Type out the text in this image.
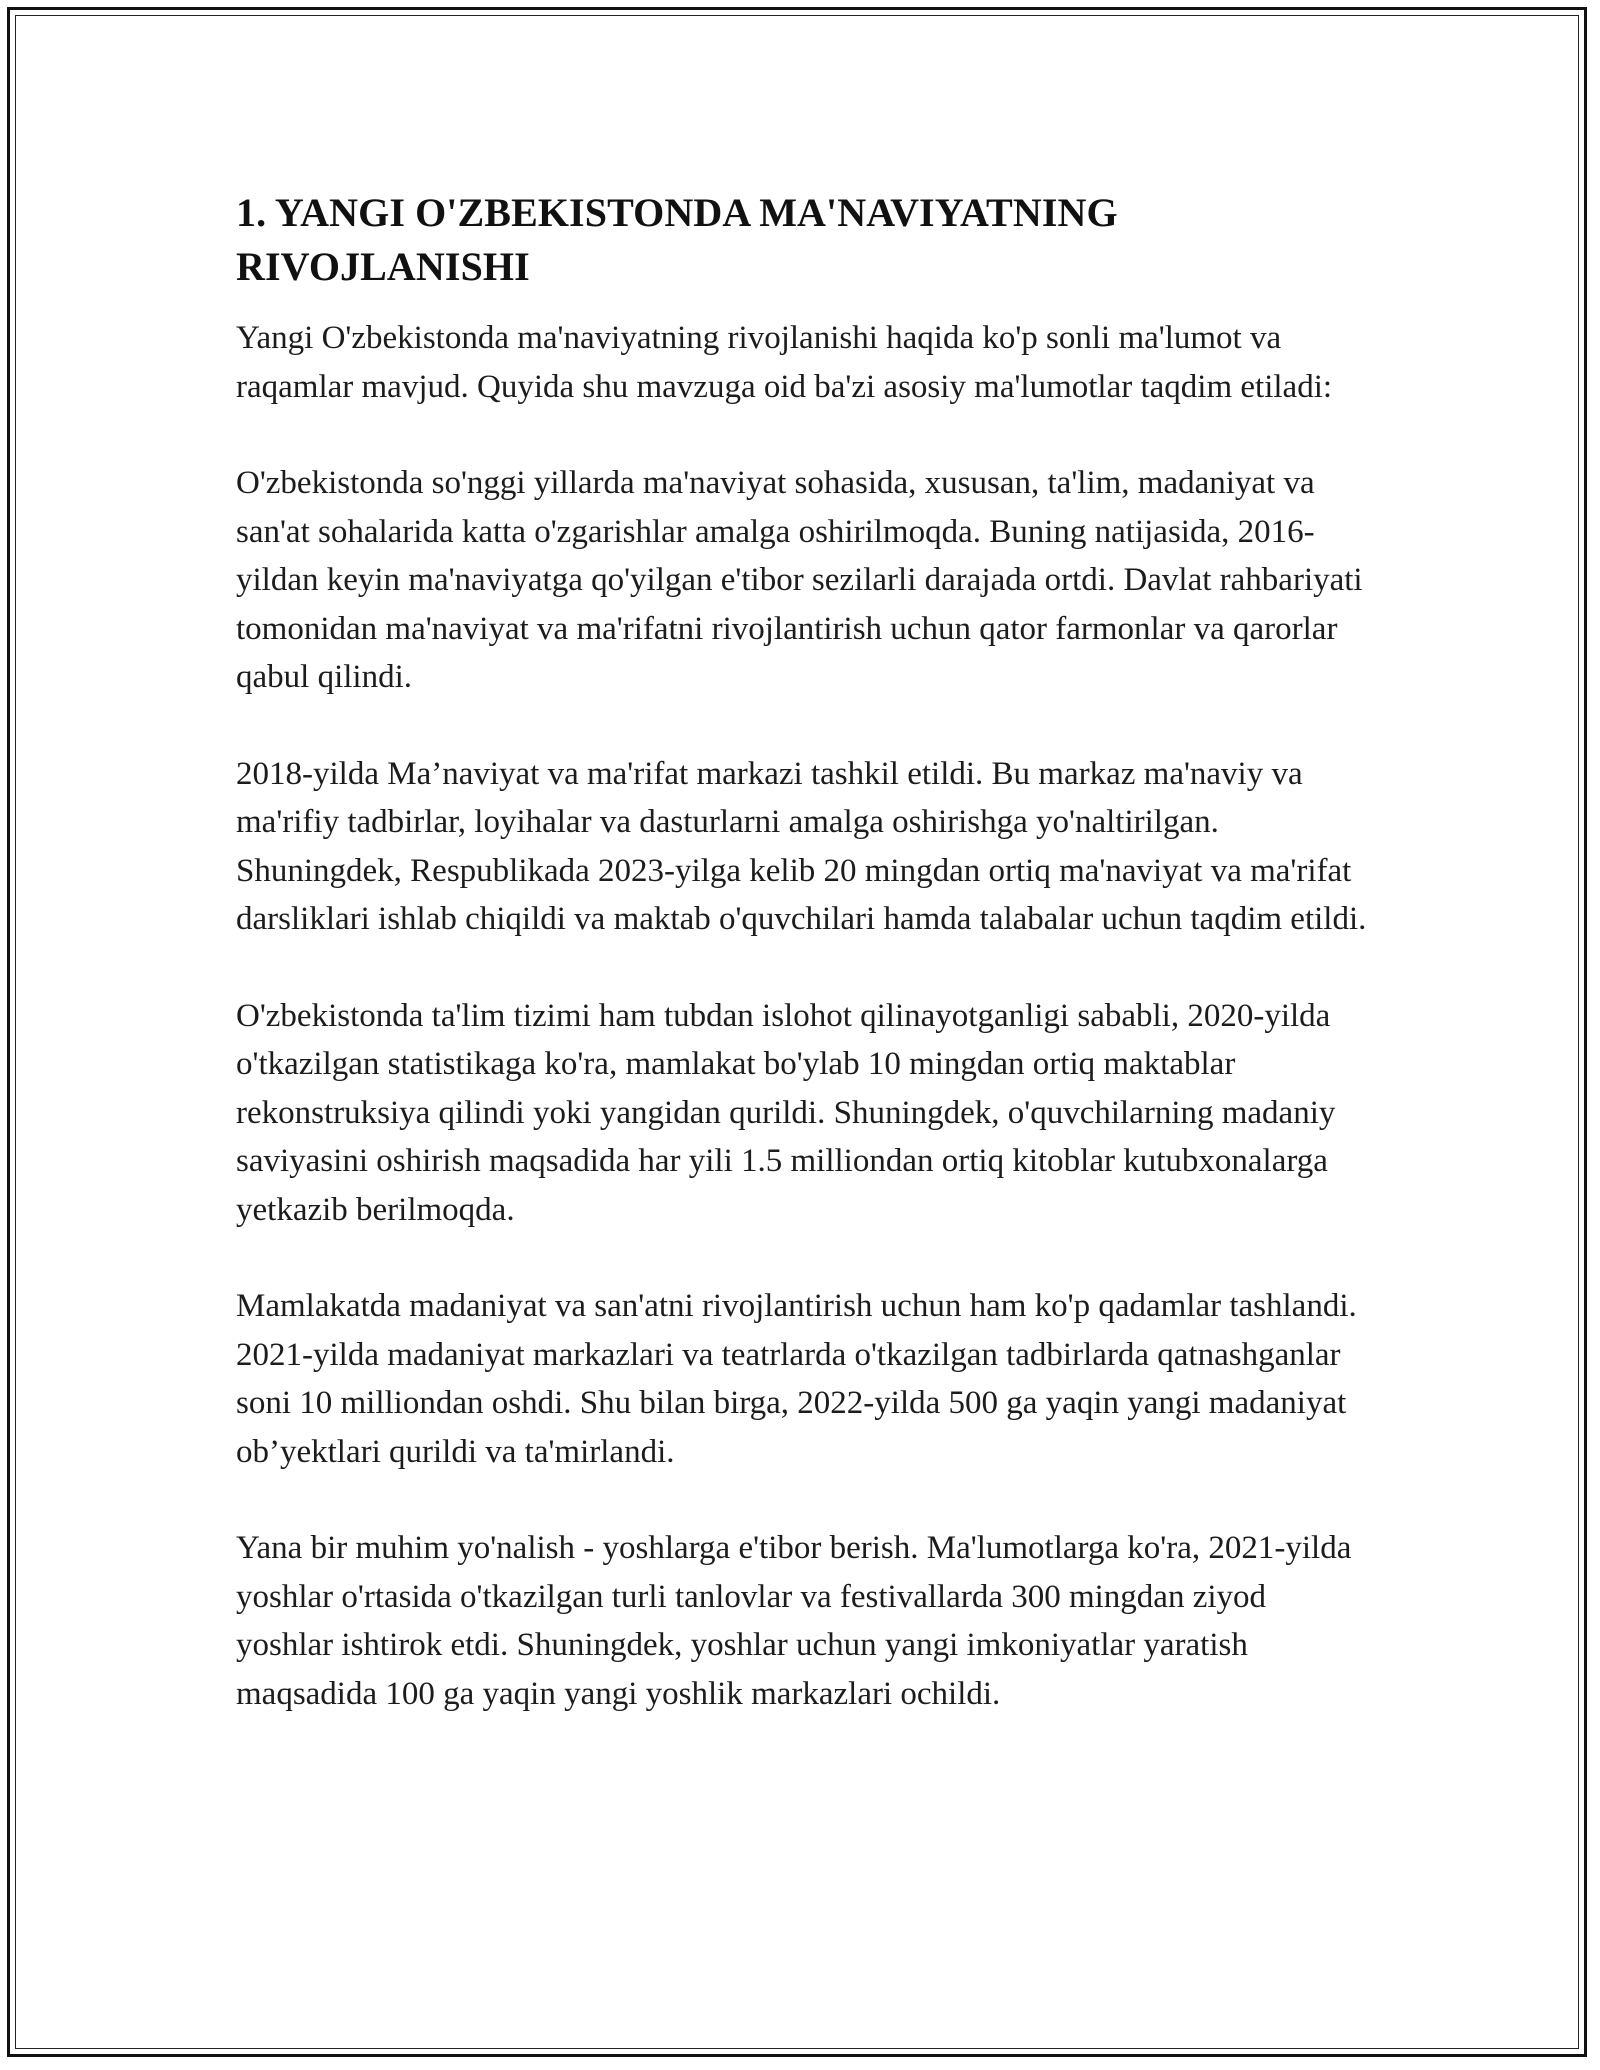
1. YANGI O'ZBEKISTONDA MA'NAVIYATNING RIVOJLANISHI

Yangi O'zbekistonda ma'naviyatning rivojlanishi haqida ko'p sonli ma'lumot va raqamlar mavjud. Quyida shu mavzuga oid ba'zi asosiy ma'lumotlar taqdim etiladi:

O'zbekistonda so'nggi yillarda ma'naviyat sohasida, xususan, ta'lim, madaniyat va san'at sohalarida katta o'zgarishlar amalga oshirilmoqda. Buning natijasida, 2016-yildan keyin ma'naviyatga qo'yilgan e'tibor sezilarli darajada ortdi. Davlat rahbariyati tomonidan ma'naviyat va ma'rifatni rivojlantirish uchun qator farmonlar va qarorlar qabul qilindi.

2018-yilda Ma’naviyat va ma'rifat markazi tashkil etildi. Bu markaz ma'naviy va ma'rifiy tadbirlar, loyihalar va dasturlarni amalga oshirishga yo'naltirilgan. Shuningdek, Respublikada 2023-yilga kelib 20 mingdan ortiq ma'naviyat va ma'rifat darsliklari ishlab chiqildi va maktab o'quvchilari hamda talabalar uchun taqdim etildi.

O'zbekistonda ta'lim tizimi ham tubdan islohot qilinayotganligi sababli, 2020-yilda o'tkazilgan statistikaga ko'ra, mamlakat bo'ylab 10 mingdan ortiq maktablar rekonstruksiya qilindi yoki yangidan qurildi. Shuningdek, o'quvchilarning madaniy saviyasini oshirish maqsadida har yili 1.5 milliondan ortiq kitoblar kutubxonalarga yetkazib berilmoqda.

Mamlakatda madaniyat va san'atni rivojlantirish uchun ham ko'p qadamlar tashlandi. 2021-yilda madaniyat markazlari va teatrlarda o'tkazilgan tadbirlarda qatnashganlar soni 10 milliondan oshdi. Shu bilan birga, 2022-yilda 500 ga yaqin yangi madaniyat ob’yektlari qurildi va ta'mirlandi.

Yana bir muhim yo'nalish - yoshlarga e'tibor berish. Ma'lumotlarga ko'ra, 2021-yilda yoshlar o'rtasida o'tkazilgan turli tanlovlar va festivallarda 300 mingdan ziyod yoshlar ishtirok etdi. Shuningdek, yoshlar uchun yangi imkoniyatlar yaratish maqsadida 100 ga yaqin yangi yoshlik markazlari ochildi.
